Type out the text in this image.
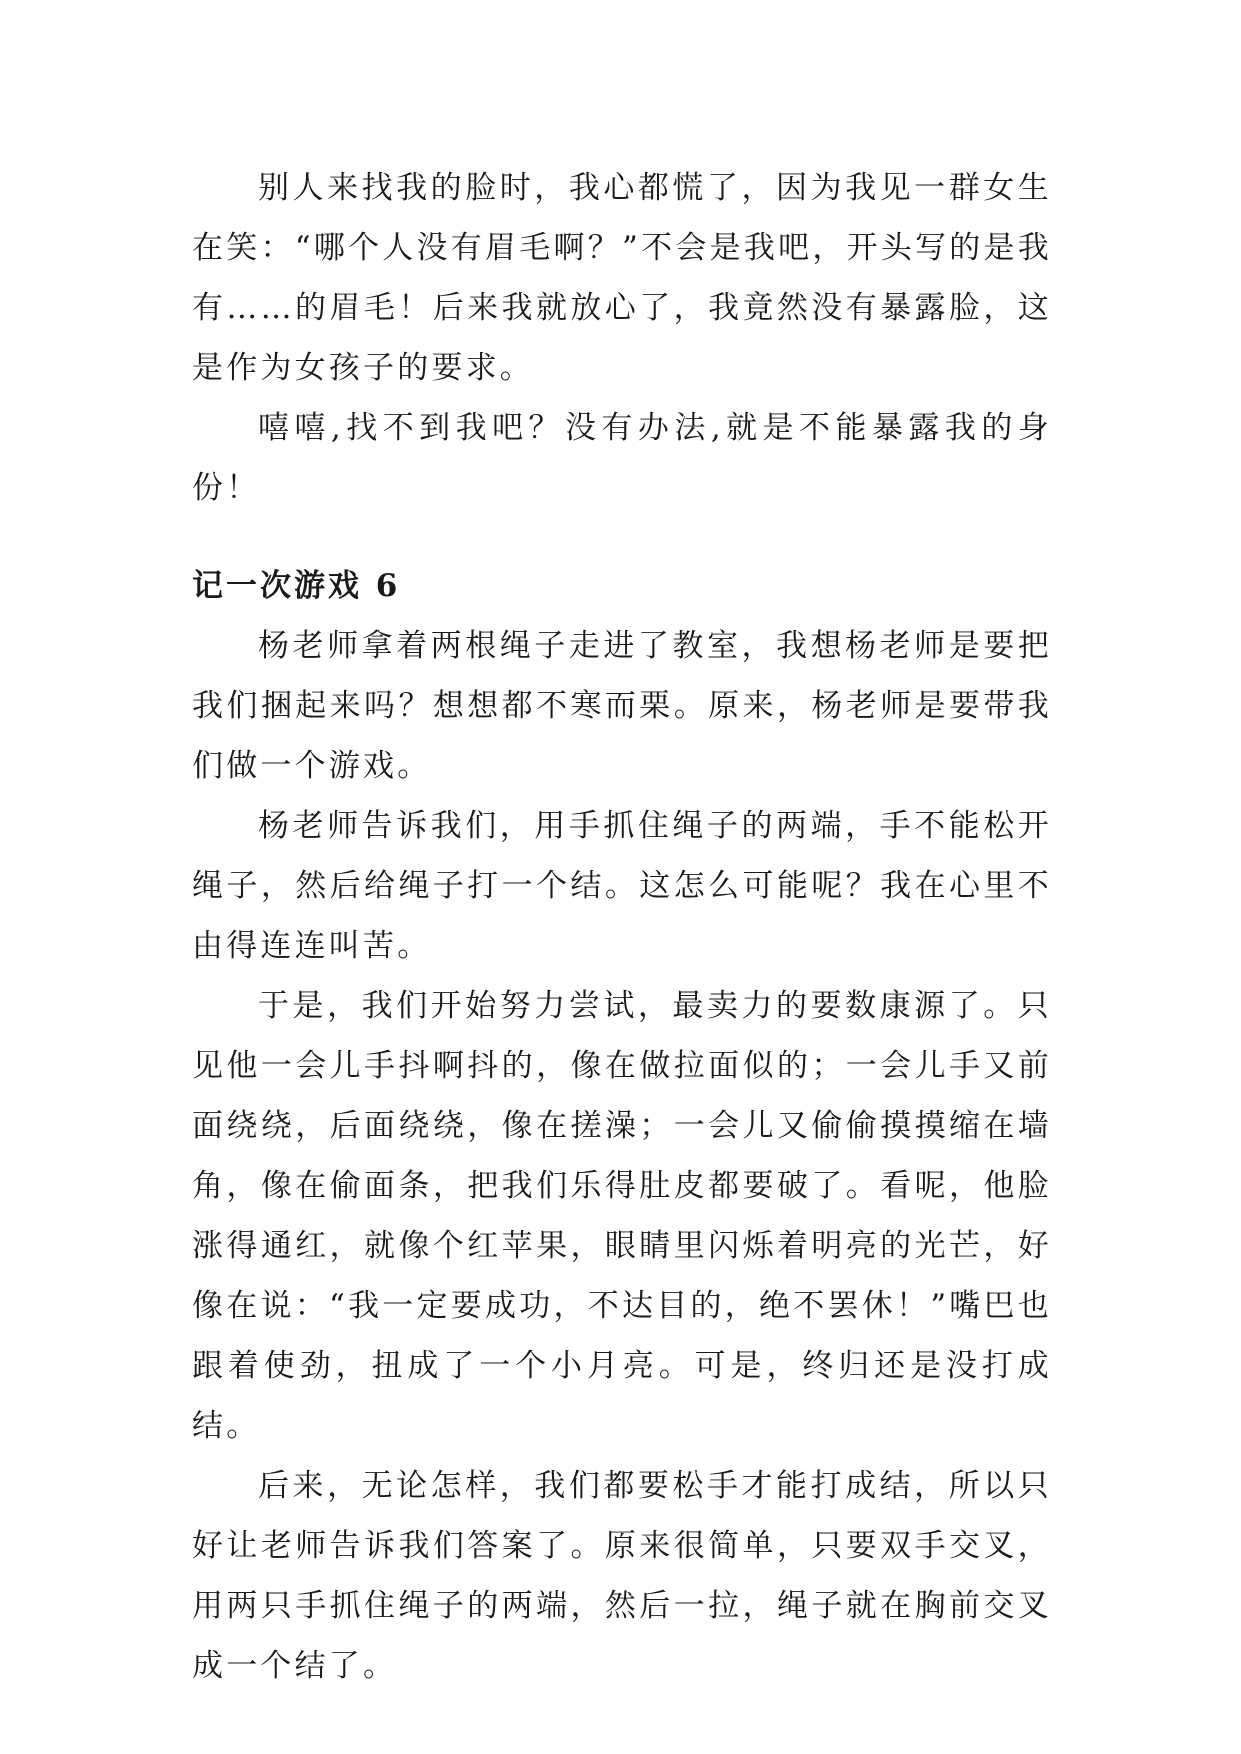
别人来找我的脸时，我心都慌了，因为我见一群女生在笑：“哪个人没有眉毛啊？”不会是我吧，开头写的是我有……的眉毛！后来我就放心了，我竟然没有暴露脸，这是作为女孩子的要求。

嘻嘻,找不到我吧？没有办法,就是不能暴露我的身份！

记一次游戏 6

杨老师拿着两根绳子走进了教室，我想杨老师是要把我们捆起来吗？想想都不寒而栗。原来，杨老师是要带我们做一个游戏。

杨老师告诉我们，用手抓住绳子的两端，手不能松开绳子，然后给绳子打一个结。这怎么可能呢？我在心里不由得连连叫苦。

于是，我们开始努力尝试，最卖力的要数康源了。只见他一会儿手抖啊抖的，像在做拉面似的；一会儿手又前面绕绕，后面绕绕，像在搓澡；一会儿又偷偷摸摸缩在墙角，像在偷面条，把我们乐得肚皮都要破了。看呢，他脸涨得通红，就像个红苹果，眼睛里闪烁着明亮的光芒，好像在说：“我一定要成功，不达目的，绝不罢休！”嘴巴也跟着使劲，扭成了一个小月亮。可是，终归还是没打成结。

后来，无论怎样，我们都要松手才能打成结，所以只好让老师告诉我们答案了。原来很简单，只要双手交叉，用两只手抓住绳子的两端，然后一拉，绳子就在胸前交叉成一个结了。
